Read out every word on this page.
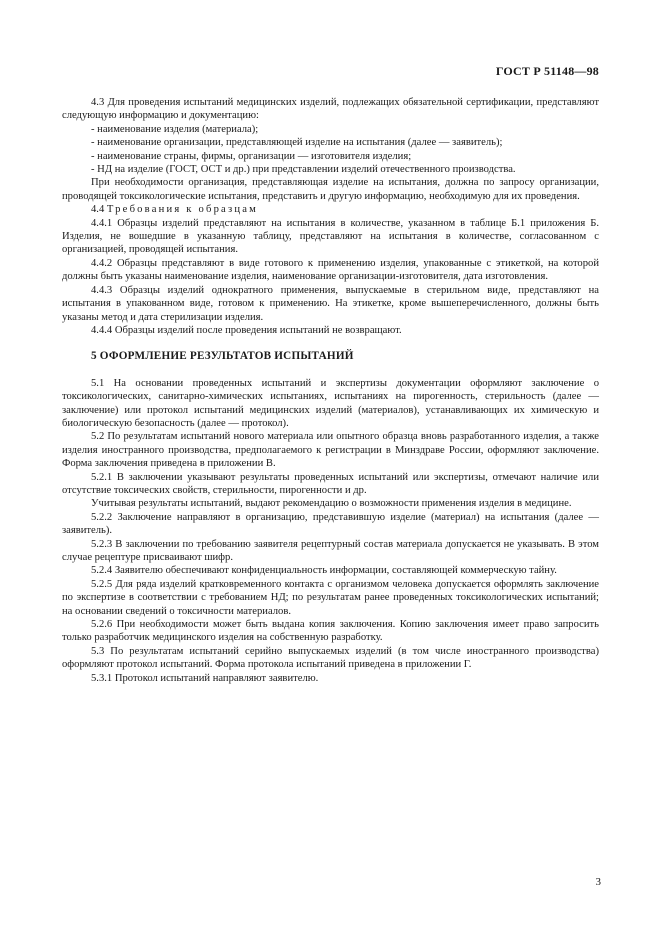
ГОСТ Р 51148—98

4.3 Для проведения испытаний медицинских изделий, подлежащих обязательной сертификации, представляют следующую информацию и документацию:

- наименование изделия (материала);

- наименование организации, представляющей изделие на испытания (далее — заявитель);

- наименование страны, фирмы, организации — изготовителя изделия;

- НД на изделие (ГОСТ, ОСТ и др.) при представлении изделий отечественного производства.

При необходимости организация, представляющая изделие на испытания, должна по запросу организации, проводящей токсикологические испытания, представить и другую информацию, необходимую для их проведения.

4.4 Требования к образцам

4.4.1 Образцы изделий представляют на испытания в количестве, указанном в таблице Б.1 приложения Б. Изделия, не вошедшие в указанную таблицу, представляют на испытания в количестве, согласованном с организацией, проводящей испытания.

4.4.2 Образцы представляют в виде готового к применению изделия, упакованные с этикеткой, на которой должны быть указаны наименование изделия, наименование организации-изготовителя, дата изготовления.

4.4.3 Образцы изделий однократного применения, выпускаемые в стерильном виде, представляют на испытания в упакованном виде, готовом к применению. На этикетке, кроме вышеперечисленного, должны быть указаны метод и дата стерилизации изделия.

4.4.4 Образцы изделий после проведения испытаний не возвращают.

5 ОФОРМЛЕНИЕ РЕЗУЛЬТАТОВ ИСПЫТАНИЙ

5.1 На основании проведенных испытаний и экспертизы документации оформляют заключение о токсикологических, санитарно-химических испытаниях, испытаниях на пирогенность, стерильность (далее — заключение) или протокол испытаний медицинских изделий (материалов), устанавливающих их химическую и биологическую безопасность (далее — протокол).

5.2 По результатам испытаний нового материала или опытного образца вновь разработанного изделия, а также изделия иностранного производства, предполагаемого к регистрации в Минздраве России, оформляют заключение. Форма заключения приведена в приложении В.

5.2.1 В заключении указывают результаты проведенных испытаний или экспертизы, отмечают наличие или отсутствие токсических свойств, стерильности, пирогенности и др.

Учитывая результаты испытаний, выдают рекомендацию о возможности применения изделия в медицине.

5.2.2 Заключение направляют в организацию, представившую изделие (материал) на испытания (далее — заявитель).

5.2.3 В заключении по требованию заявителя рецептурный состав материала допускается не указывать. В этом случае рецептуре присваивают шифр.

5.2.4 Заявителю обеспечивают конфиденциальность информации, составляющей коммерческую тайну.

5.2.5 Для ряда изделий кратковременного контакта с организмом человека допускается оформлять заключение по экспертизе в соответствии с требованием НД; по результатам ранее проведенных токсикологических испытаний; на основании сведений о токсичности материалов.

5.2.6 При необходимости может быть выдана копия заключения. Копию заключения имеет право запросить только разработчик медицинского изделия на собственную разработку.

5.3 По результатам испытаний серийно выпускаемых изделий (в том числе иностранного производства) оформляют протокол испытаний. Форма протокола испытаний приведена в приложении Г.

5.3.1 Протокол испытаний направляют заявителю.

3
